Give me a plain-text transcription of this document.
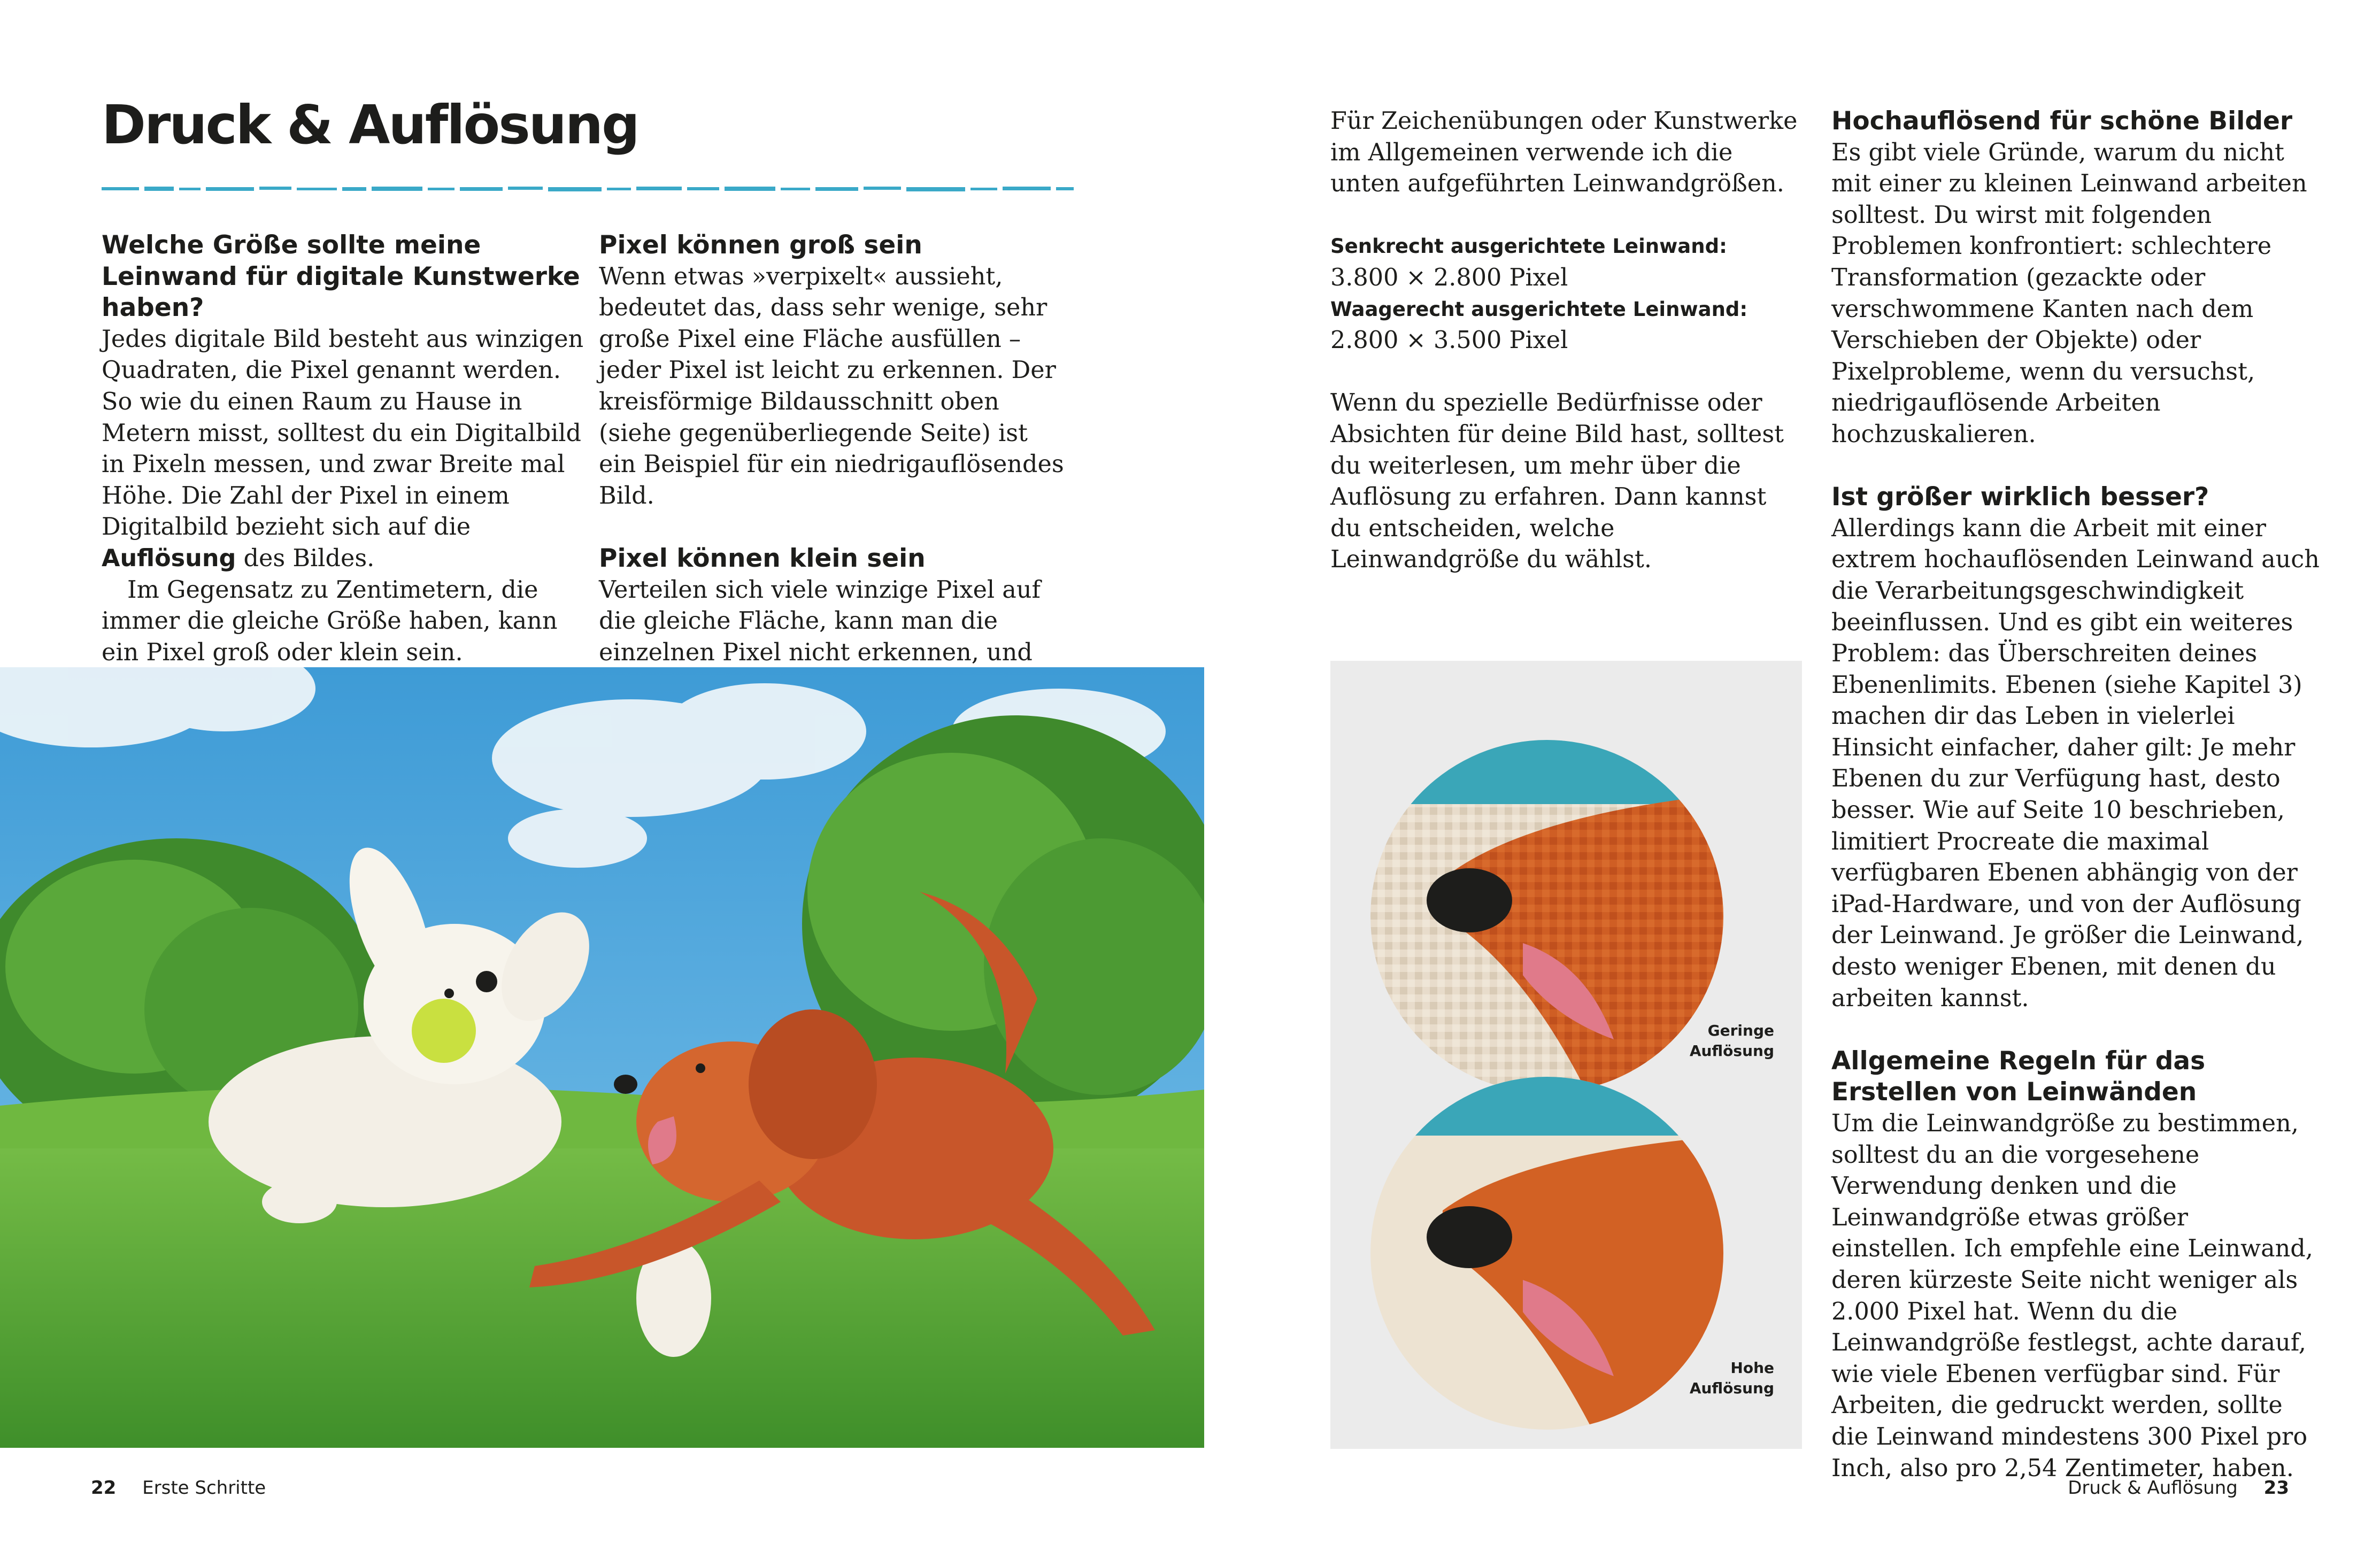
Druck & Auflösung
Welche Größe sollte meine Leinwand für digitale Kunstwerke haben?

Jedes digitale Bild besteht aus winzigen Quadraten, die Pixel genannt werden. So wie du einen Raum zu Hause in Metern misst, solltest du ein Digitalbild in Pixeln messen, und zwar Breite mal Höhe. Die Zahl der Pixel in einem Digitalbild bezieht sich auf die Auflösung des Bildes.

Im Gegensatz zu Zentimetern, die immer die gleiche Größe haben, kann ein Pixel groß oder klein sein.

Pixel können groß sein

Wenn etwas »verpixelt« aussieht, bedeutet das, dass sehr wenige, sehr große Pixel eine Fläche ausfüllen – jeder Pixel ist leicht zu erkennen. Der kreisförmige Bildausschnitt oben (siehe gegenüberliegende Seite) ist ein Beispiel für ein niedrigauflösendes Bild.

Pixel können klein sein

Verteilen sich viele winzige Pixel auf die gleiche Fläche, kann man die einzelnen Pixel nicht erkennen, und

Für Zeichenübungen oder Kunstwerke im Allgemeinen verwende ich die unten aufgeführten Leinwandgrößen.

Senkrecht ausgerichtete Leinwand:

3.800 × 2.800 Pixel

Waagerecht ausgerichtete Leinwand:

2.800 × 3.500 Pixel

Wenn du spezielle Bedürfnisse oder Absichten für deine Bild hast, solltest du weiterlesen, um mehr über die Auflösung zu erfahren. Dann kannst du entscheiden, welche Leinwandgröße du wählst.

Hochauflösend für schöne Bilder

Es gibt viele Gründe, warum du nicht mit einer zu kleinen Leinwand arbeiten solltest. Du wirst mit folgenden Problemen konfrontiert: schlechtere Transformation (gezackte oder verschwommene Kanten nach dem Verschieben der Objekte) oder Pixelprobleme, wenn du versuchst, niedrigauflösende Arbeiten hochzuskalieren.

Ist größer wirklich besser?

Allerdings kann die Arbeit mit einer extrem hochauflösenden Leinwand auch die Verarbeitungsgeschwindigkeit beeinflussen. Und es gibt ein weiteres Problem: das Überschreiten deines Ebenenlimits. Ebenen (siehe Kapitel 3) machen dir das Leben in vielerlei Hinsicht einfacher, daher gilt: Je mehr Ebenen du zur Verfügung hast, desto besser. Wie auf Seite 10 beschrieben, limitiert Procreate die maximal verfügbaren Ebenen abhängig von der iPad-Hardware, und von der Auflösung der Leinwand. Je größer die Leinwand, desto weniger Ebenen, mit denen du arbeiten kannst.

Allgemeine Regeln für das Erstellen von Leinwänden

Um die Leinwandgröße zu bestimmen, solltest du an die vorgesehene Verwendung denken und die Leinwandgröße etwas größer einstellen. Ich empfehle eine Leinwand, deren kürzeste Seite nicht weniger als 2.000 Pixel hat. Wenn du die Leinwandgröße festlegst, achte darauf, wie viele Ebenen verfügbar sind. Für Arbeiten, die gedruckt werden, sollte die Leinwand mindestens 300 Pixel pro Inch, also pro 2,54 Zentimeter, haben.

Geringe
Auflösung
Hohe
Auflösung
22 Erste Schritte	Druck & Auflösung 23
